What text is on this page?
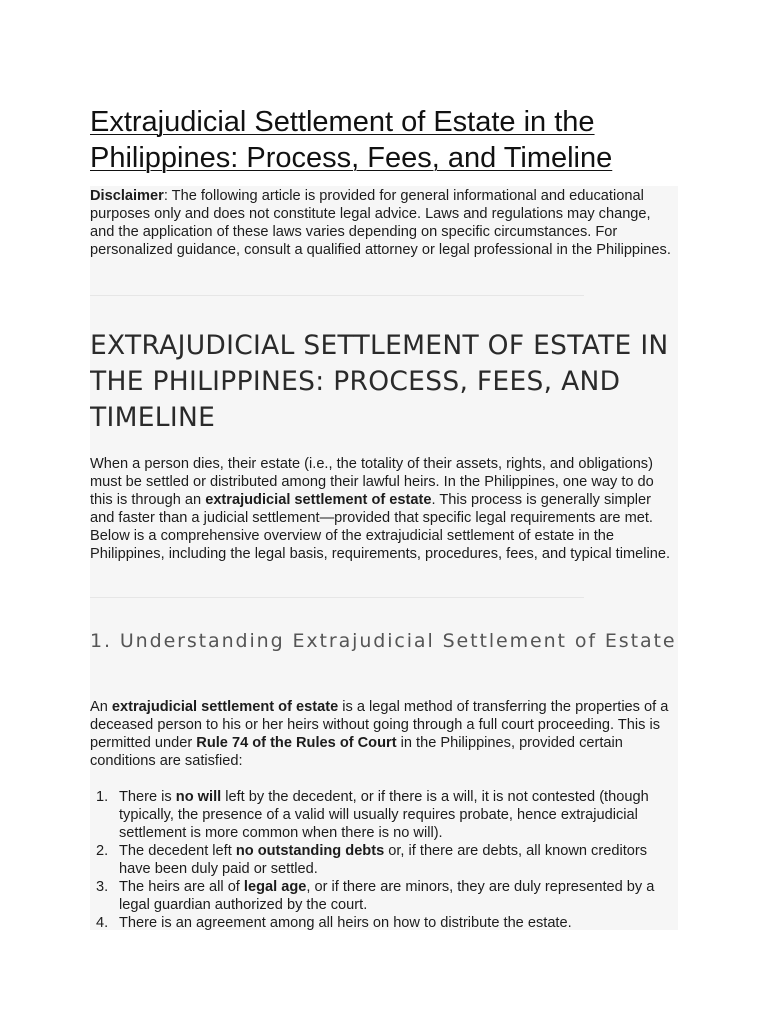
Extrajudicial Settlement of Estate in the Philippines: Process, Fees, and Timeline

Disclaimer: The following article is provided for general informational and educational purposes only and does not constitute legal advice. Laws and regulations may change, and the application of these laws varies depending on specific circumstances. For personalized guidance, consult a qualified attorney or legal professional in the Philippines.

EXTRAJUDICIAL SETTLEMENT OF ESTATE IN THE PHILIPPINES: PROCESS, FEES, AND TIMELINE

When a person dies, their estate (i.e., the totality of their assets, rights, and obligations) must be settled or distributed among their lawful heirs. In the Philippines, one way to do this is through an extrajudicial settlement of estate. This process is generally simpler and faster than a judicial settlement—provided that specific legal requirements are met. Below is a comprehensive overview of the extrajudicial settlement of estate in the Philippines, including the legal basis, requirements, procedures, fees, and typical timeline.

1. Understanding Extrajudicial Settlement of Estate

An extrajudicial settlement of estate is a legal method of transferring the properties of a deceased person to his or her heirs without going through a full court proceeding. This is permitted under Rule 74 of the Rules of Court in the Philippines, provided certain conditions are satisfied:

1. There is no will left by the decedent, or if there is a will, it is not contested (though typically, the presence of a valid will usually requires probate, hence extrajudicial settlement is more common when there is no will).
2. The decedent left no outstanding debts or, if there are debts, all known creditors have been duly paid or settled.
3. The heirs are all of legal age, or if there are minors, they are duly represented by a legal guardian authorized by the court.
4. There is an agreement among all heirs on how to distribute the estate.
